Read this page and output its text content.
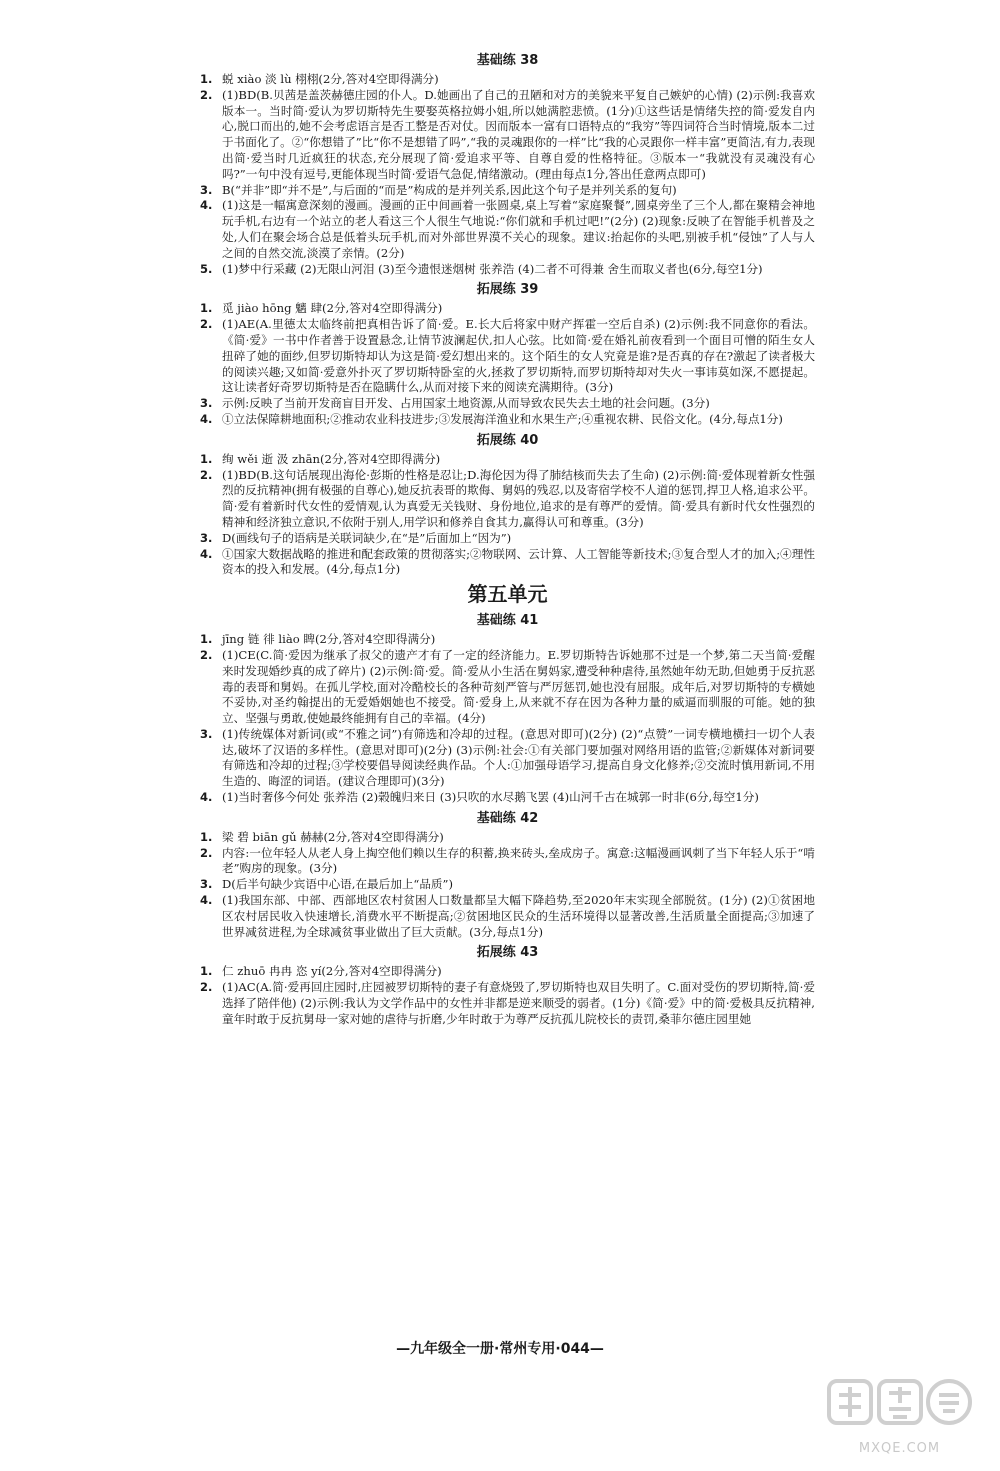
基础练 38
1. 蜕 xiào 淡 lù 栩栩(2分,答对4空即得满分)
2. (1)BD(B.贝茜是盖茨赫德庄园的仆人。D.她画出了自己的丑陋和对方的美貌来平复自己嫉妒的心情) (2)示例:我喜欢版本一。当时简·爱认为罗切斯特先生要娶英格拉姆小姐,所以她满腔悲愤。(1分)①这些话是情绪失控的简·爱发自内心,脱口而出的,她不会考虑语言是否工整是否对仗。因而版本一富有口语特点的“我穷”等四词符合当时情境,版本二过于书面化了。②“你想错了”比“你不是想错了吗”,“我的灵魂跟你的一样”比“我的心灵跟你一样丰富”更简洁,有力,表现出简·爱当时几近疯狂的状态,充分展现了简·爱追求平等、自尊自爱的性格特征。③版本一“我就没有灵魂没有心吗?”一句中没有逗号,更能体现当时简·爱语气急促,情绪激动。(理由每点1分,答出任意两点即可)
3. B(“并非”即“并不是”,与后面的“而是”构成的是并列关系,因此这个句子是并列关系的复句)
4. (1)这是一幅寓意深刻的漫画。漫画的正中间画着一张圆桌,桌上写着“家庭聚餐”,圆桌旁坐了三个人,都在聚精会神地玩手机,右边有一个站立的老人看这三个人很生气地说:“你们就和手机过吧!”(2分) (2)现象:反映了在智能手机普及之处,人们在聚会场合总是低着头玩手机,而对外部世界漠不关心的现象。建议:抬起你的头吧,别被手机“侵蚀”了人与人之间的自然交流,淡漠了亲情。(2分)
5. (1)梦中行采藏 (2)无限山河泪 (3)至今遗恨迷烟树 张养浩 (4)二者不可得兼 舍生而取义者也(6分,每空1分)
拓展练 39
1. 觅 jiào hōng 魑 肆(2分,答对4空即得满分)
2. (1)AE(A.里德太太临终前把真相告诉了简·爱。E.长大后将家中财产挥霍一空后自杀) (2)示例:我不同意你的看法。《简·爱》一书中作者善于设置悬念,让情节波澜起伏,扣人心弦。比如简·爱在婚礼前夜看到一个面目可憎的陌生女人扭碎了她的面纱,但罗切斯特却认为这是简·爱幻想出来的。这个陌生的女人究竟是谁?是否真的存在?激起了读者极大的阅读兴趣;又如简·爱意外扑灭了罗切斯特卧室的火,拯救了罗切斯特,而罗切斯特却对失火一事讳莫如深,不愿提起。这让读者好奇罗切斯特是否在隐瞒什么,从而对接下来的阅读充满期待。(3分)
3. 示例:反映了当前开发商盲目开发、占用国家土地资源,从而导致农民失去土地的社会问题。(3分)
4. ①立法保障耕地面积;②推动农业科技进步;③发展海洋渔业和水果生产;④重视农耕、民俗文化。(4分,每点1分)
拓展练 40
1. 绚 wěi 逝 汲 zhān(2分,答对4空即得满分)
2. (1)BD(B.这句话展现出海伦·彭斯的性格是忍让;D.海伦因为得了肺结核而失去了生命) (2)示例:简·爱体现着新女性强烈的反抗精神(拥有极强的自尊心),她反抗表哥的欺侮、舅妈的残忍,以及寄宿学校不人道的惩罚,捍卫人格,追求公平。简·爱有着新时代女性的爱情观,认为真爱无关钱财、身份地位,追求的是有尊严的爱情。简·爱具有新时代女性强烈的精神和经济独立意识,不依附于别人,用学识和修养自食其力,赢得认可和尊重。(3分)
3. D(画线句子的语病是关联词缺少,在“是”后面加上“因为”)
4. ①国家大数据战略的推进和配套政策的贯彻落实;②物联网、云计算、人工智能等新技术;③复合型人才的加入;④理性资本的投入和发展。(4分,每点1分)
第五单元
基础练 41
1. jīng 链 徘 liào 睥(2分,答对4空即得满分)
2. (1)CE(C.简·爱因为继承了叔父的遗产才有了一定的经济能力。E.罗切斯特告诉她那不过是一个梦,第二天当简·爱醒来时发现婚纱真的成了碎片) (2)示例:简·爱。简·爱从小生活在舅妈家,遭受种种虐待,虽然她年幼无助,但她勇于反抗恶毒的表哥和舅妈。在孤儿学校,面对冷酷校长的各种苛刻严管与严厉惩罚,她也没有屈服。成年后,对罗切斯特的专横她不妥协,对圣约翰提出的无爱婚姻她也不接受。简·爱身上,从来就不存在因为各种力量的威逼而驯服的可能。她的独立、坚强与勇敢,使她最终能拥有自己的幸福。(4分)
3. (1)传统媒体对新词(或“不雅之词”)有筛选和冷却的过程。(意思对即可)(2分) (2)“点赞”一词专横地横扫一切个人表达,破坏了汉语的多样性。(意思对即可)(2分) (3)示例:社会:①有关部门要加强对网络用语的监管;②新媒体对新词要有筛选和冷却的过程;③学校要倡导阅读经典作品。个人:①加强母语学习,提高自身文化修养;②交流时慎用新词,不用生造的、晦涩的词语。(建议合理即可)(3分)
4. (1)当时奢侈今何处 张养浩 (2)榖魄归来日 (3)只吹的水尽鹅飞罢 (4)山河千古在城郭一时非(6分,每空1分)
基础练 42
1. 梁 碧 biān gǔ 赫赫(2分,答对4空即得满分)
2. 内容:一位年轻人从老人身上掏空他们赖以生存的积蓄,换来砖头,垒成房子。寓意:这幅漫画讽刺了当下年轻人乐于“啃老”购房的现象。(3分)
3. D(后半句缺少宾语中心语,在最后加上“品质”)
4. (1)我国东部、中部、西部地区农村贫困人口数量都呈大幅下降趋势,至2020年末实现全部脱贫。(1分) (2)①贫困地区农村居民收入快速增长,消费水平不断提高;②贫困地区民众的生活环境得以显著改善,生活质量全面提高;③加速了世界减贫进程,为全球减贫事业做出了巨大贡献。(3分,每点1分)
拓展练 43
1. 仁 zhuō 冉冉 恣 yí(2分,答对4空即得满分)
2. (1)AC(A.简·爱再回庄园时,庄园被罗切斯特的妻子有意烧毁了,罗切斯特也双目失明了。C.面对受伤的罗切斯特,简·爱选择了陪伴他) (2)示例:我认为文学作品中的女性并非都是逆来顺受的弱者。(1分)《简·爱》中的简·爱极具反抗精神,童年时敢于反抗舅母一家对她的虐待与折磨,少年时敢于为尊严反抗孤儿院校长的责罚,桑菲尔德庄园里她
—九年级全一册·常州专用·044—
MXQE.COM
